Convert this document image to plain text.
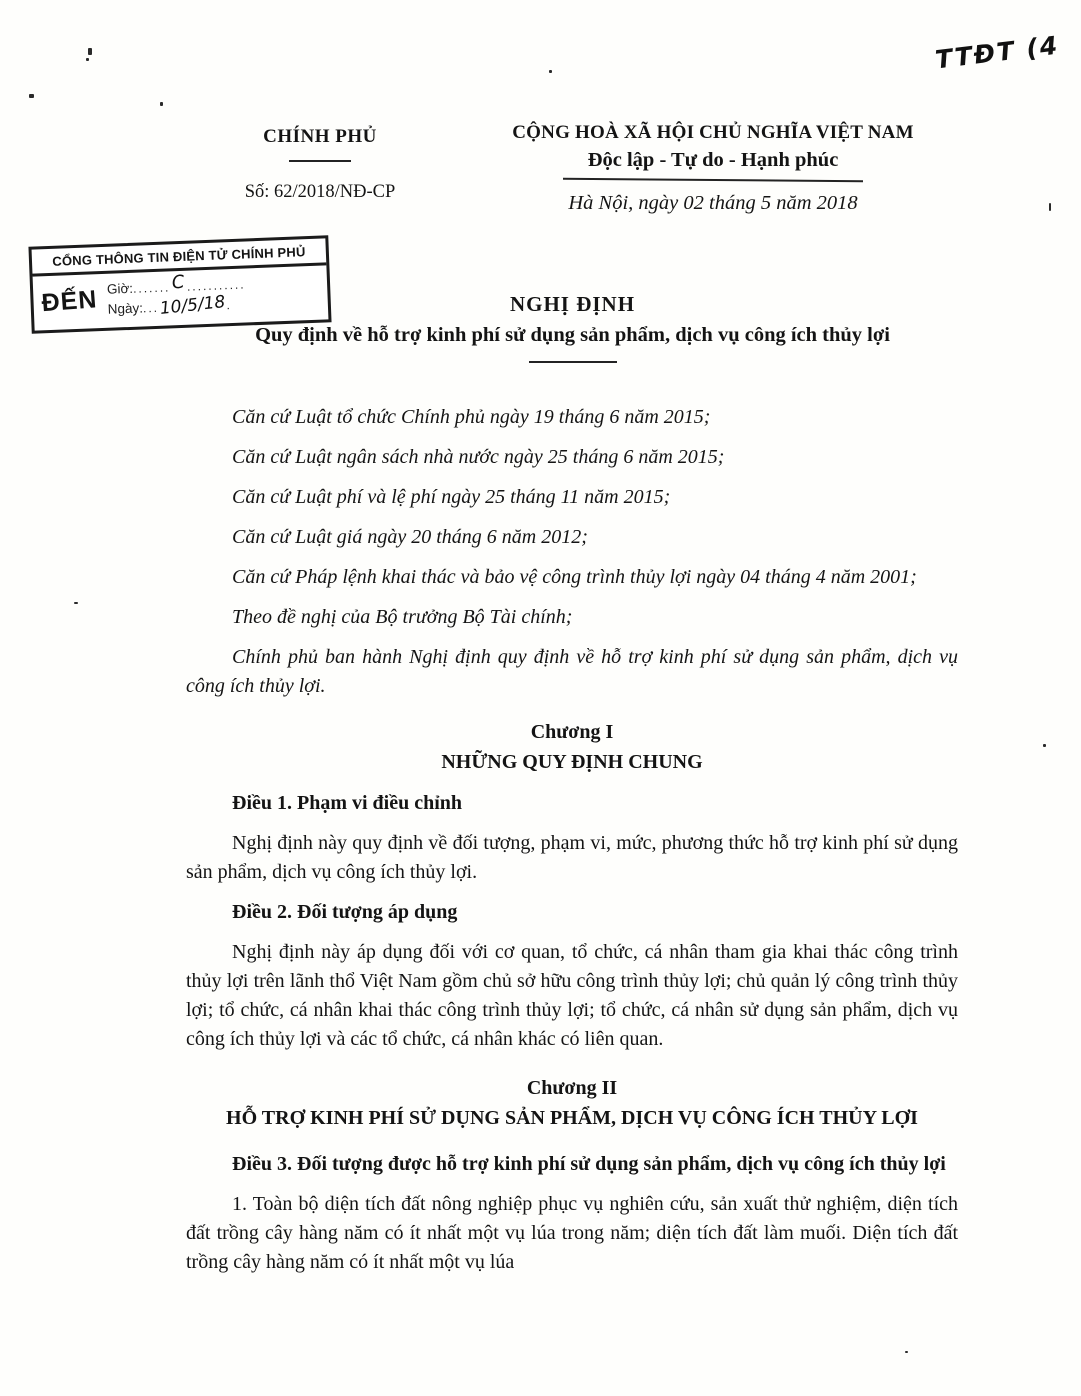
TTĐT (4
CHÍNH PHỦ
Số: 62/2018/NĐ-CP
CỘNG HOÀ XÃ HỘI CHỦ NGHĨA VIỆT NAM
Độc lập - Tự do - Hạnh phúc
Hà Nội, ngày 02 tháng 5 năm 2018
CỔNG THÔNG TIN ĐIỆN TỬ CHÍNH PHỦ
ĐẾN Giờ:.......C...........
Ngày:...10/5/18.	NGHỊ ĐỊNH
Quy định về hỗ trợ kinh phí sử dụng sản phẩm, dịch vụ công ích thủy lợi

Căn cứ Luật tổ chức Chính phủ ngày 19 tháng 6 năm 2015;

Căn cứ Luật ngân sách nhà nước ngày 25 tháng 6 năm 2015;

Căn cứ Luật phí và lệ phí ngày 25 tháng 11 năm 2015;

Căn cứ Luật giá ngày 20 tháng 6 năm 2012;

Căn cứ Pháp lệnh khai thác và bảo vệ công trình thủy lợi ngày 04 tháng 4 năm 2001;

Theo đề nghị của Bộ trưởng Bộ Tài chính;

Chính phủ ban hành Nghị định quy định về hỗ trợ kinh phí sử dụng sản phẩm, dịch vụ công ích thủy lợi.

Chương I
NHỮNG QUY ĐỊNH CHUNG

Điều 1. Phạm vi điều chỉnh

Nghị định này quy định về đối tượng, phạm vi, mức, phương thức hỗ trợ kinh phí sử dụng sản phẩm, dịch vụ công ích thủy lợi.

Điều 2. Đối tượng áp dụng

Nghị định này áp dụng đối với cơ quan, tổ chức, cá nhân tham gia khai thác công trình thủy lợi trên lãnh thổ Việt Nam gồm chủ sở hữu công trình thủy lợi; chủ quản lý công trình thủy lợi; tổ chức, cá nhân khai thác công trình thủy lợi; tổ chức, cá nhân sử dụng sản phẩm, dịch vụ công ích thủy lợi và các tổ chức, cá nhân khác có liên quan.

Chương II
HỖ TRỢ KINH PHÍ SỬ DỤNG SẢN PHẨM, DỊCH VỤ CÔNG ÍCH THỦY LỢI

Điều 3. Đối tượng được hỗ trợ kinh phí sử dụng sản phẩm, dịch vụ công ích thủy lợi

1. Toàn bộ diện tích đất nông nghiệp phục vụ nghiên cứu, sản xuất thử nghiệm, diện tích đất trồng cây hàng năm có ít nhất một vụ lúa trong năm; diện tích đất làm muối. Diện tích đất trồng cây hàng năm có ít nhất một vụ lúa
